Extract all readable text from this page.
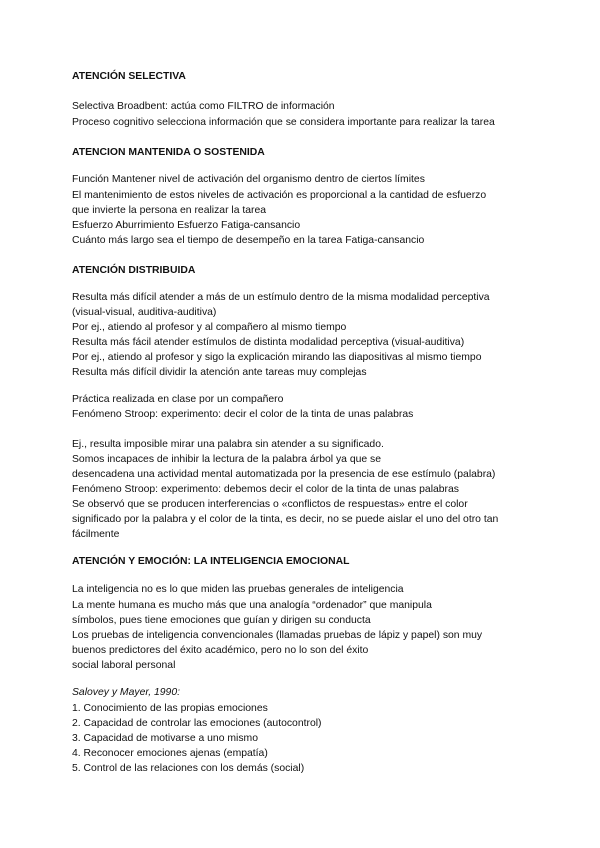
ATENCIÓN SELECTIVA
Selectiva Broadbent: actúa como FILTRO de información
Proceso cognitivo selecciona información que se considera importante para realizar la tarea
ATENCION MANTENIDA O SOSTENIDA
Función Mantener nivel de activación del organismo dentro de ciertos límites
El mantenimiento de estos niveles de activación es proporcional a la cantidad de esfuerzo
que invierte la persona en realizar la tarea
Esfuerzo Aburrimiento Esfuerzo Fatiga-cansancio
Cuánto más largo sea el tiempo de desempeño en la tarea Fatiga-cansancio
ATENCIÓN DISTRIBUIDA
Resulta más difícil atender a más de un estímulo dentro de la misma modalidad perceptiva
(visual-visual, auditiva-auditiva)
Por ej., atiendo al profesor y al compañero al mismo tiempo
Resulta más fácil atender estímulos de distinta modalidad perceptiva (visual-auditiva)
Por ej., atiendo al profesor y sigo la explicación mirando las diapositivas al mismo tiempo
Resulta más difícil dividir la atención ante tareas muy complejas
Práctica realizada en clase por un compañero
Fenómeno Stroop: experimento: decir el color de la tinta de unas palabras
Ej., resulta imposible mirar una palabra sin atender a su significado.
Somos incapaces de inhibir la lectura de la palabra árbol ya que se
desencadena una actividad mental automatizada por la presencia de ese estímulo (palabra)
Fenómeno Stroop: experimento: debemos decir el color de la tinta de unas palabras
Se observó que se producen interferencias o «conflictos de respuestas» entre el color
significado por la palabra y el color de la tinta, es decir, no se puede aislar el uno del otro tan
fácilmente
ATENCIÓN Y EMOCIÓN: LA INTELIGENCIA EMOCIONAL
La inteligencia no es lo que miden las pruebas generales de inteligencia
La mente humana es mucho más que una analogía “ordenador” que manipula
símbolos, pues tiene emociones que guían y dirigen su conducta
Los pruebas de inteligencia convencionales (llamadas pruebas de lápiz y papel) son muy
buenos predictores del éxito académico, pero no lo son del éxito
social laboral personal
Salovey y Mayer, 1990:
1. Conocimiento de las propias emociones
2. Capacidad de controlar las emociones (autocontrol)
3. Capacidad de motivarse a uno mismo
4. Reconocer emociones ajenas (empatía)
5. Control de las relaciones con los demás (social)
